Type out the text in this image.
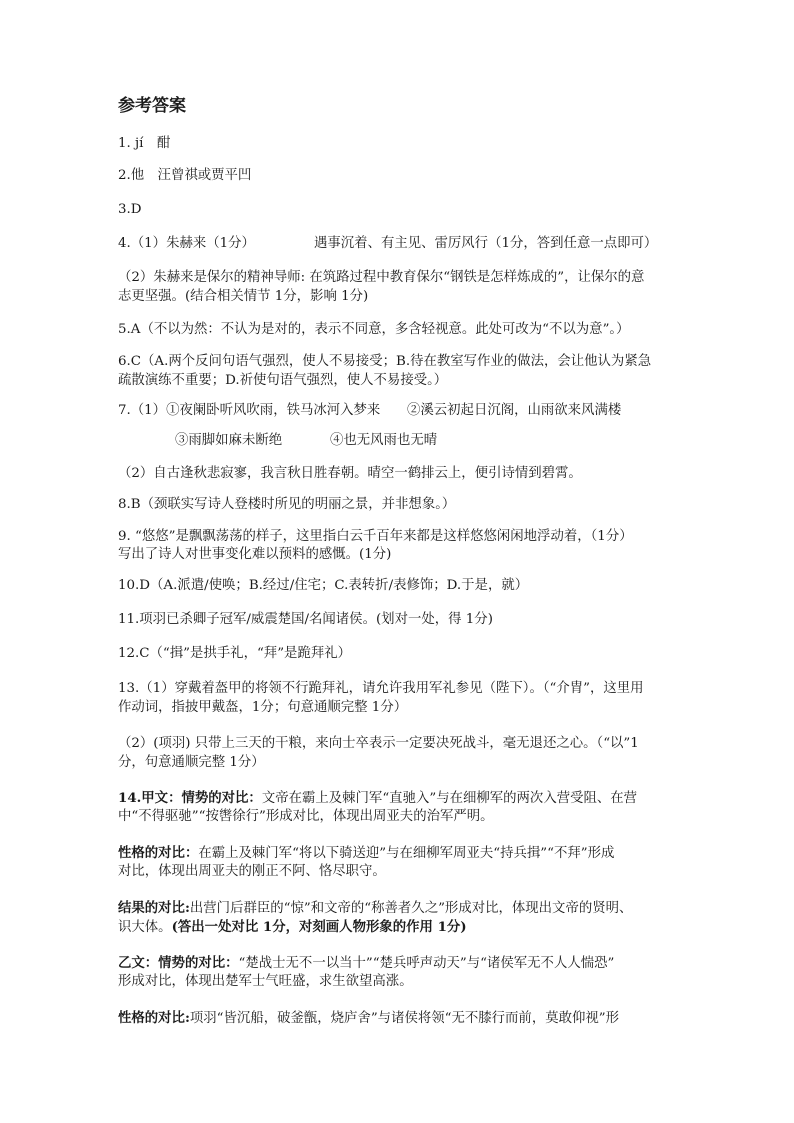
参考答案
1. jí　酣
2.他　汪曾祺或贾平凹
3.D
4.（1）朱赫来（1分）	遇事沉着、有主见、雷厉风行（1分，答到任意一点即可）
（2）朱赫来是保尔的精神导师: 在筑路过程中教育保尔“钢铁是怎样炼成的”，让保尔的意
志更坚强。(结合相关情节 1分，影响 1分)
5.A（不以为然：不认为是对的，表示不同意，多含轻视意。此处可改为“不以为意”。）
6.C（A.两个反问句语气强烈，使人不易接受；B.待在教室写作业的做法，会让他认为紧急
疏散演练不重要；D.祈使句语气强烈，使人不易接受。）
7.（1）①夜阑卧听风吹雨，铁马冰河入梦来 ②溪云初起日沉阁，山雨欲来风满楼
③雨脚如麻未断绝	④也无风雨也无晴
（2）自古逢秋悲寂寥，我言秋日胜春朝。晴空一鹤排云上，便引诗情到碧霄。
8.B（颈联实写诗人登楼时所见的明丽之景，并非想象。）
9. “悠悠”是飘飘荡荡的样子，这里指白云千百年来都是这样悠悠闲闲地浮动着，（1分）
写出了诗人对世事变化难以预料的感慨。(1分)
10.D（A.派遣/使唤；B.经过/住宅；C.表转折/表修饰；D.于是，就）
11.项羽已杀卿子冠军/威震楚国/名闻诸侯。(划对一处，得 1分)
12.C（“揖”是拱手礼，“拜”是跪拜礼）
13.（1）穿戴着盔甲的将领不行跪拜礼，请允许我用军礼参见（陛下）。（“介胄”，这里用
作动词，指披甲戴盔，1分；句意通顺完整 1分）
（2）(项羽) 只带上三天的干粮，来向士卒表示一定要决死战斗，毫无退还之心。（“以”1
分，句意通顺完整 1分）
14.甲文：情势的对比：文帝在霸上及棘门军“直驰入”与在细柳军的两次入营受阻、在营
中“不得驱驰”“按辔徐行”形成对比，体现出周亚夫的治军严明。
性格的对比：在霸上及棘门军“将以下骑送迎”与在细柳军周亚夫“持兵揖”“不拜”形成
对比，体现出周亚夫的刚正不阿、恪尽职守。
结果的对比:出营门后群臣的“惊”和文帝的“称善者久之”形成对比，体现出文帝的贤明、
识大体。(答出一处对比 1分，对刻画人物形象的作用 1分)
乙文：情势的对比：“楚战士无不一以当十”“楚兵呼声动天”与“诸侯军无不人人惴恐”
形成对比，体现出楚军士气旺盛，求生欲望高涨。
性格的对比:项羽“皆沉船，破釜甑，烧庐舍”与诸侯将领“无不膝行而前，莫敢仰视”形
